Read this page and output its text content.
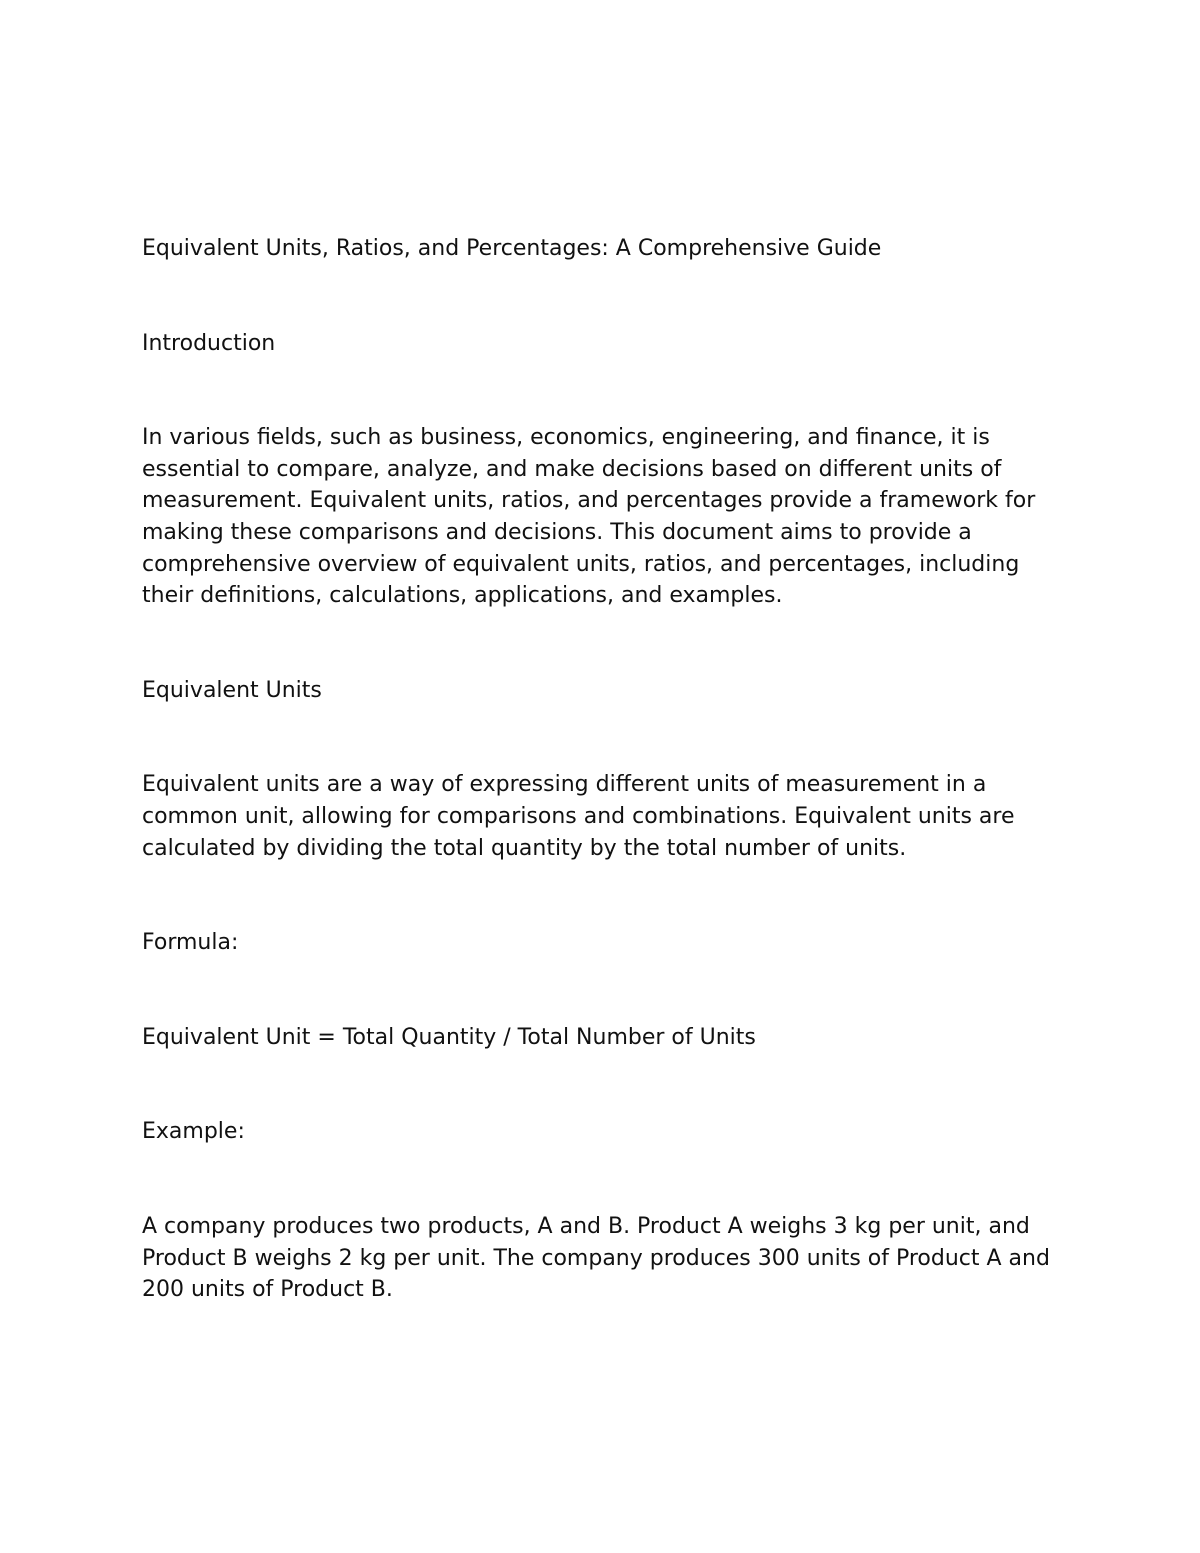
Equivalent Units, Ratios, and Percentages: A Comprehensive Guide

Introduction

In various fields, such as business, economics, engineering, and finance, it is essential to compare, analyze, and make decisions based on different units of measurement. Equivalent units, ratios, and percentages provide a framework for making these comparisons and decisions. This document aims to provide a comprehensive overview of equivalent units, ratios, and percentages, including their definitions, calculations, applications, and examples.

Equivalent Units

Equivalent units are a way of expressing different units of measurement in a common unit, allowing for comparisons and combinations. Equivalent units are calculated by dividing the total quantity by the total number of units.

Formula:

Equivalent Unit = Total Quantity / Total Number of Units

Example:

A company produces two products, A and B. Product A weighs 3 kg per unit, and Product B weighs 2 kg per unit. The company produces 300 units of Product A and 200 units of Product B.
